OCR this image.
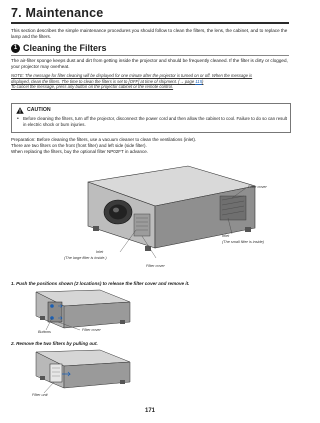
7. Maintenance
This section describes the simple maintenance procedures you should follow to clean the filters, the lens, the cabinet, and to replace the lamp and the filters.
1 Cleaning the Filters
The air-filter sponge keeps dust and dirt from getting inside the projector and should be frequently cleaned. If the filter is dirty or clogged, your projector may overheat.
NOTE: The message for filter cleaning will be displayed for one minute after the projector is turned on or off. When the message is
displayed, clean the filters. The time to clean the filters is set to [OFF] at time of shipment. (→ page 115)
To cancel the message, press any button on the projector cabinet or the remote control.
CAUTION
• Before cleaning the filters, turn off the projector, disconnect the power cord and then allow the cabinet to cool. Failure to do so can result in electric shock or burn injuries.
Preparation: Before cleaning the filters, use a vacuum cleaner to clean the ventilations (inlet).
There are two filters on the front (front filter) and left side (side filter).
When replacing the filters, buy the optional filter NP02FT in advance.
Filter cover
Inlet
(The large filter is inside.)
Inlet
(The small filter is inside)
Filter cover
1. Push the positions shown (2 locations) to release the filter cover and remove it.
Buttons	Filter cover
2. Remove the two filters by pulling out.
Filter unit
171
